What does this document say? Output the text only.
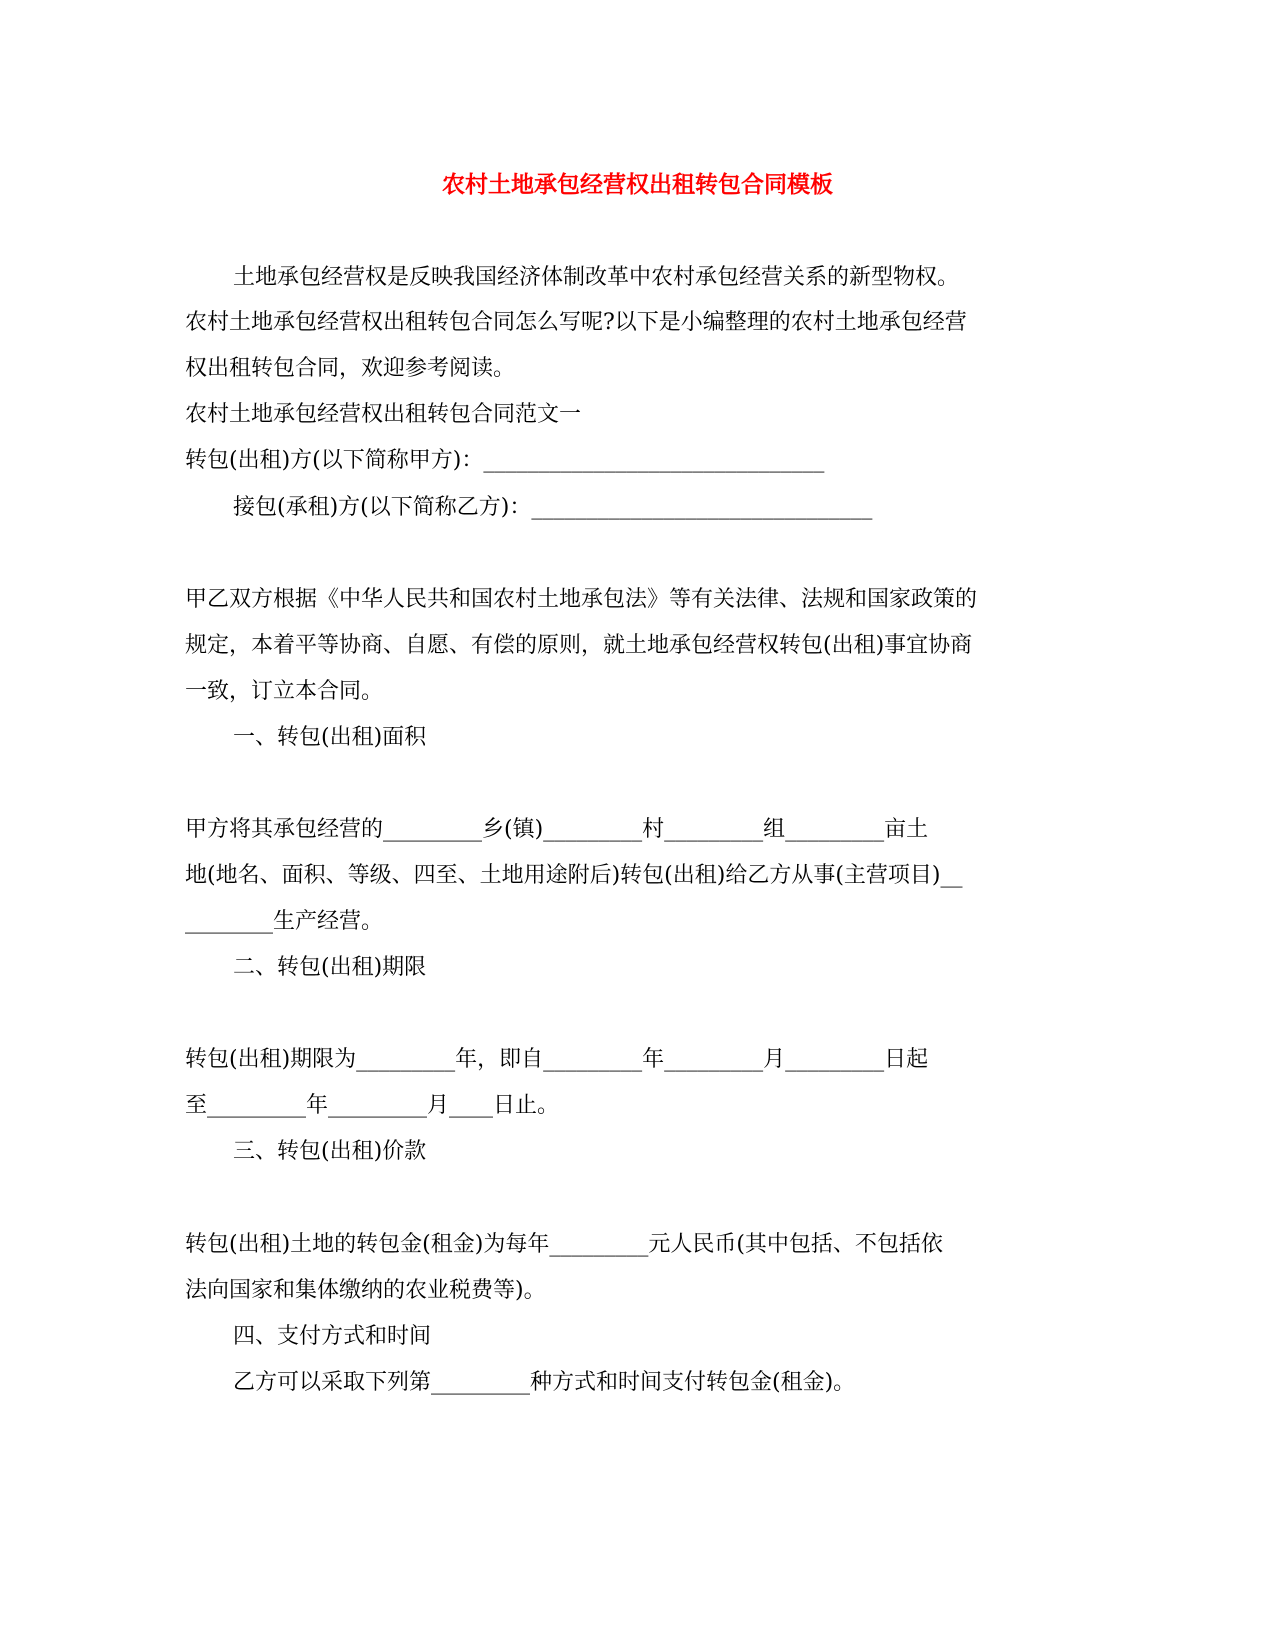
农村土地承包经营权出租转包合同模板
土地承包经营权是反映我国经济体制改革中农村承包经营关系的新型物权。
农村土地承包经营权出租转包合同怎么写呢?以下是小编整理的农村土地承包经营
权出租转包合同，欢迎参考阅读。
农村土地承包经营权出租转包合同范文一
转包(出租)方(以下简称甲方)：_______________________________
接包(承租)方(以下简称乙方)：_______________________________
甲乙双方根据《中华人民共和国农村土地承包法》等有关法律、法规和国家政策的
规定，本着平等协商、自愿、有偿的原则，就土地承包经营权转包(出租)事宜协商
一致，订立本合同。
一、转包(出租)面积
甲方将其承包经营的_________乡(镇)_________村_________组_________亩土
地(地名、面积、等级、四至、土地用途附后)转包(出租)给乙方从事(主营项目)__
________生产经营。
二、转包(出租)期限
转包(出租)期限为_________年，即自_________年_________月_________日起
至_________年_________月____日止。
三、转包(出租)价款
转包(出租)土地的转包金(租金)为每年_________元人民币(其中包括、不包括依
法向国家和集体缴纳的农业税费等)。
四、支付方式和时间
乙方可以采取下列第_________种方式和时间支付转包金(租金)。
